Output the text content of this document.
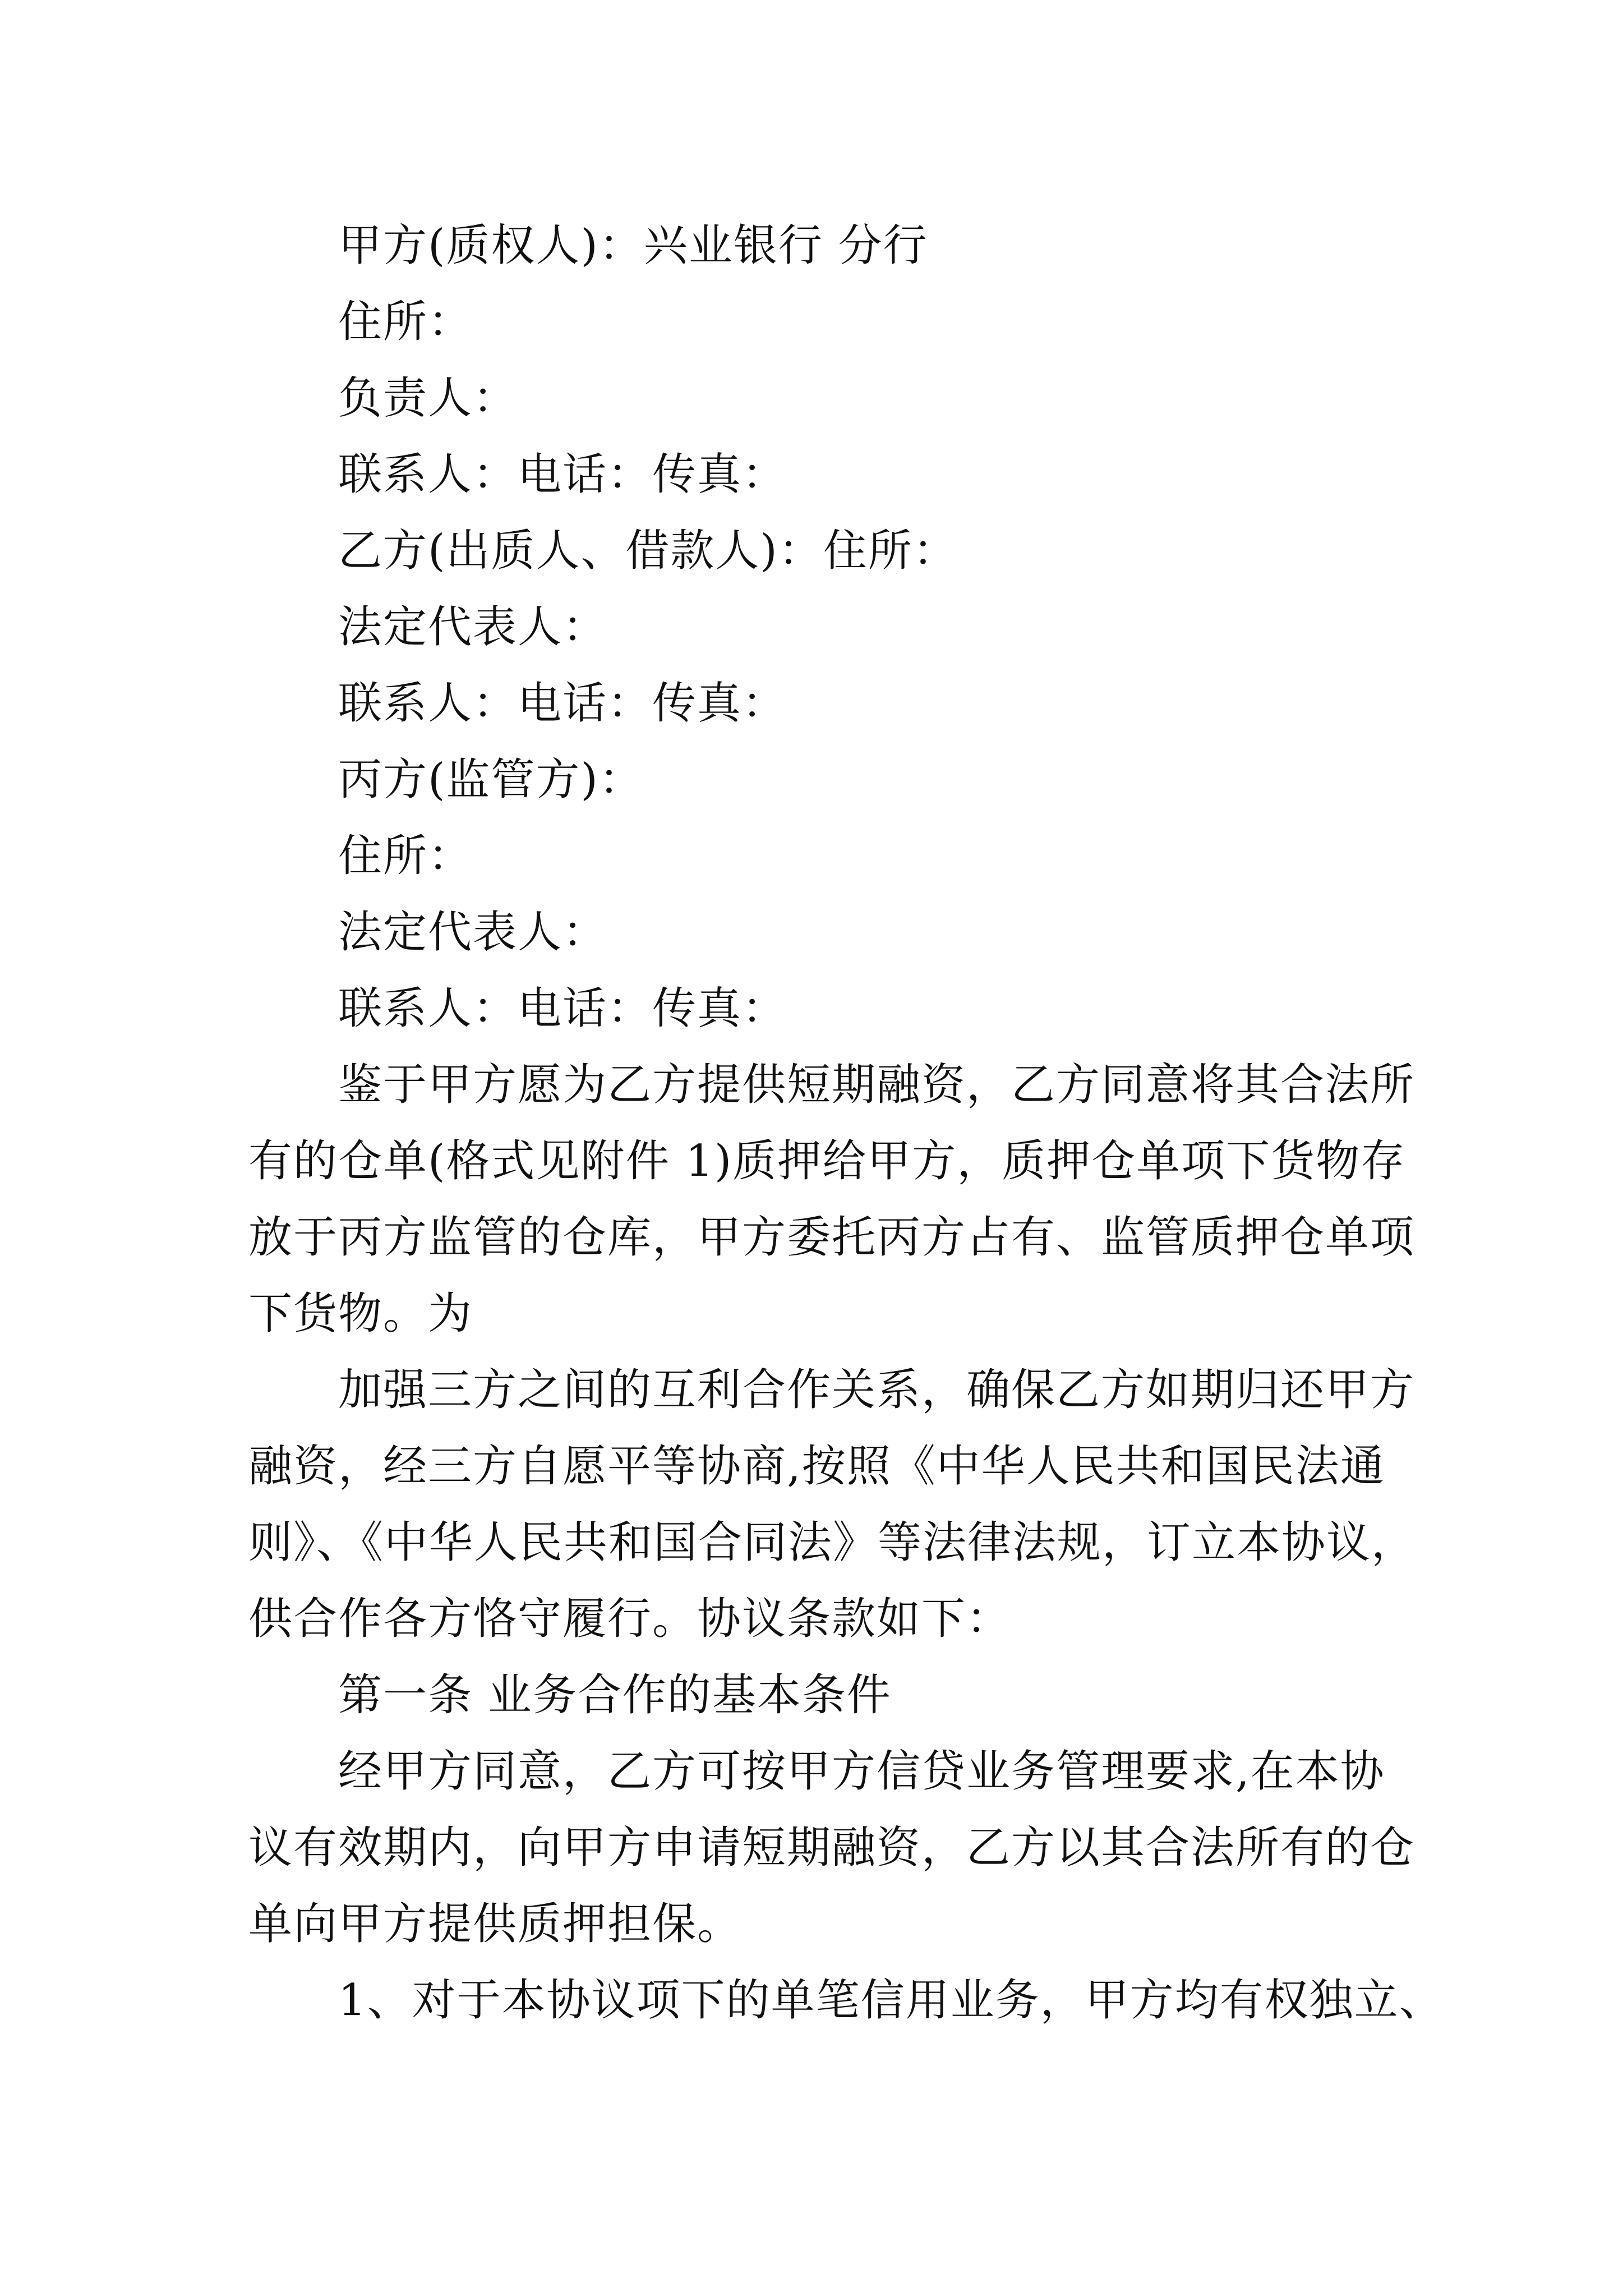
甲方(质权人)：兴业银行 分行
住所：
负责人：
联系人：电话：传真：
乙方(出质人、借款人)：住所：
法定代表人：
联系人：电话：传真：
丙方(监管方)：
住所：
法定代表人：
联系人：电话：传真：
鉴于甲方愿为乙方提供短期融资，乙方同意将其合法所
有的仓单(格式见附件 1)质押给甲方，质押仓单项下货物存
放于丙方监管的仓库，甲方委托丙方占有、监管质押仓单项
下货物。为
加强三方之间的互利合作关系，确保乙方如期归还甲方
融资，经三方自愿平等协商,按照《中华人民共和国民法通
则》、《中华人民共和国合同法》等法律法规，订立本协议，
供合作各方恪守履行。协议条款如下：
第一条 业务合作的基本条件
经甲方同意，乙方可按甲方信贷业务管理要求,在本协
议有效期内，向甲方申请短期融资，乙方以其合法所有的仓
单向甲方提供质押担保。
1、对于本协议项下的单笔信用业务，甲方均有权独立、
